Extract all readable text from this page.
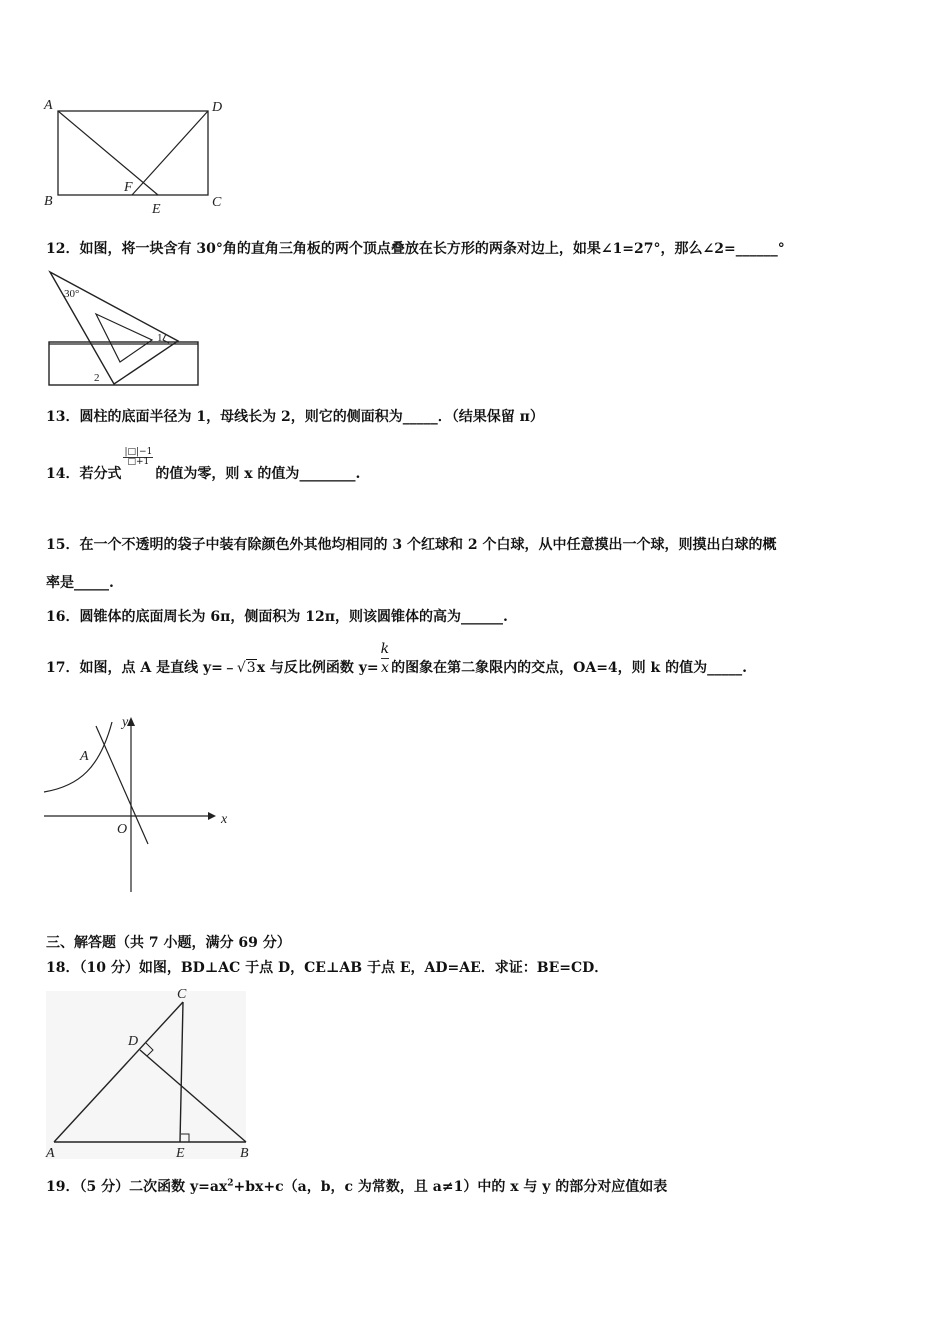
A	D
B	C
F
E
12．如图，将一块含有 30°角的直角三角板的两个顶点叠放在长方形的两条对边上，如果∠1=27°，那么∠2=______°
30°
1
2
13．圆柱的底面半径为 1，母线长为 2，则它的侧面积为_____．（结果保留 π）
14．若分式
$\frac{|□|-1}{□+1}$
的值为零，则 x 的值为________.
15．在一个不透明的袋子中装有除颜色外其他均相同的 3 个红球和 2 个白球，从中任意摸出一个球，则摸出白球的概
率是_____.
16．圆锥体的底面周长为 6π，侧面积为 12π，则该圆锥体的高为______.
17．如图，点 A 是直线 y=﹣√3x 与反比例函数 $y= \frac{k}{x}$ 的图象在第二象限内的交点，OA=4，则 k 的值为_____.
y
x
A
O
三、解答题（共 7 小题，满分 69 分）
18．（10 分）如图，BD⊥AC 于点 D，CE⊥AB 于点 E，AD=AE．求证：BE=CD．
C
D
A	E	B
19．（5 分）二次函数 $y=ax^2+bx+c(a$，b，c 为常数，且 a≠1）中的 x 与 y 的部分对应值如表
